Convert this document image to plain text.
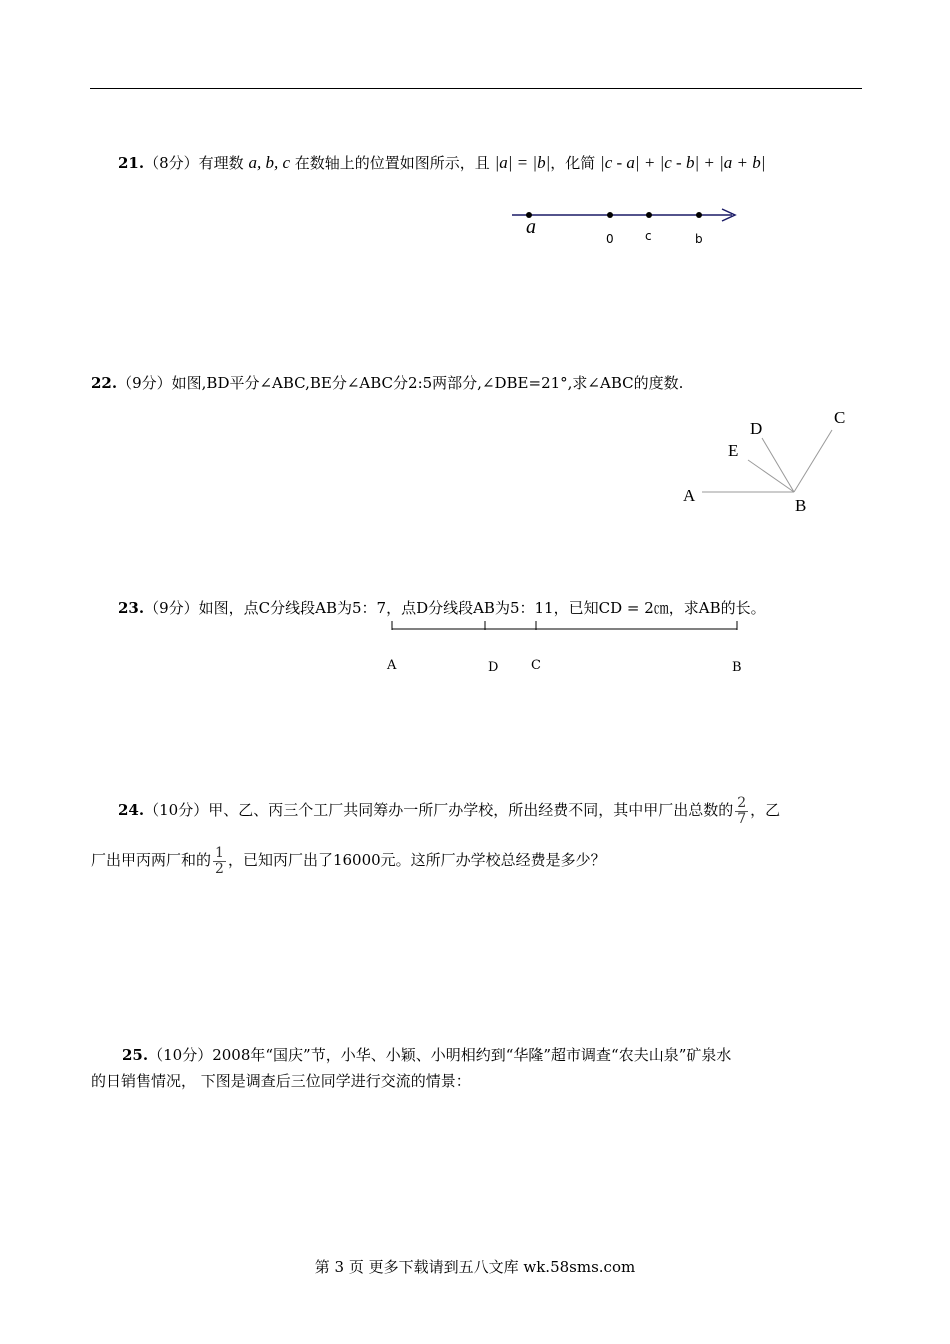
21.（8分）有理数 a, b, c 在数轴上的位置如图所示，且 |a| = |b|，化简 |c - a| + |c - b| + |a + b|
a
0	c	b
22.（9分）如图,BD平分∠ABC,BE分∠ABC分2:5两部分,∠DBE=21°,求∠ABC的度数.
A
B
C
D
E
23.（9分）如图，点C分线段AB为5：7，点D分线段AB为5：11，已知CD = 2㎝，求AB的长。
A	D	C	B
24.（10分）甲、乙、丙三个工厂共同筹办一所厂办学校，所出经费不同，其中甲厂出总数的 $\frac{2}{7}$ ，乙
厂出甲丙两厂和的 $\frac{1}{2}$ ，已知丙厂出了16000元。这所厂办学校总经费是多少？
25.（10分）2008年“国庆”节，小华、小颖、小明相约到“华隆”超市调查“农夫山泉”矿泉水
的日销售情况， 下图是调查后三位同学进行交流的情景：
第 3 页 更多下载请到五八文库 wk.58sms.com
